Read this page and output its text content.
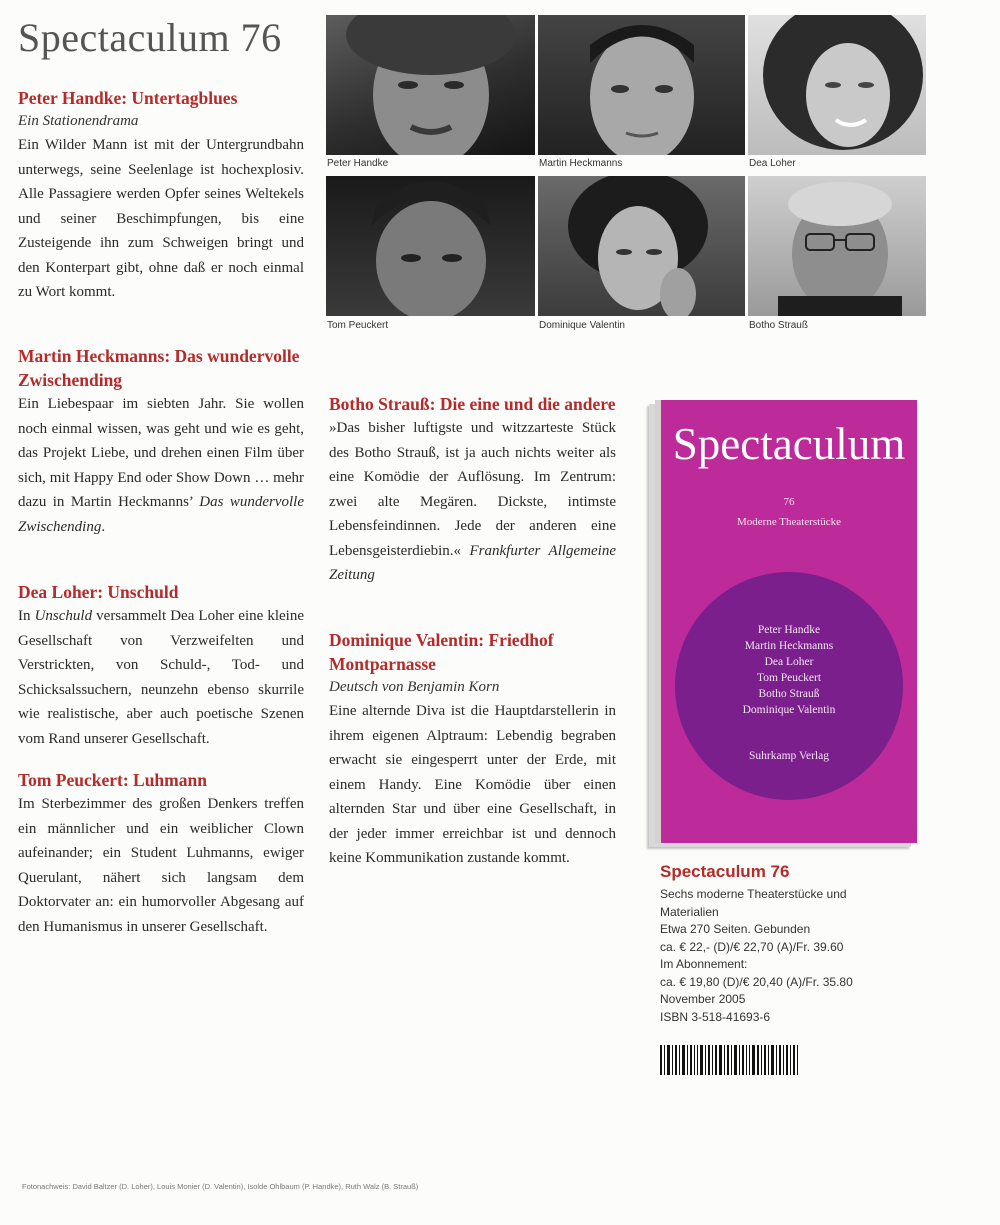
Spectaculum 76
Peter Handke: Untertagblues
Ein Stationendrama

Ein Wilder Mann ist mit der Untergrundbahn unterwegs, seine Seelenlage ist hochexplosiv. Alle Passagiere werden Opfer seines Weltekels und seiner Beschimpfungen, bis eine Zusteigende ihn zum Schweigen bringt und den Konterpart gibt, ohne daß er noch einmal zu Wort kommt.

Martin Heckmanns: Das wundervolle Zwischending

Ein Liebespaar im siebten Jahr. Sie wollen noch einmal wissen, was geht und wie es geht, das Projekt Liebe, und drehen einen Film über sich, mit Happy End oder Show Down … mehr dazu in Martin Heckmanns’ Das wundervolle Zwischending.

Dea Loher: Unschuld

In Unschuld versammelt Dea Loher eine kleine Gesellschaft von Verzweifelten und Verstrickten, von Schuld-, Tod- und Schicksalssuchern, neunzehn ebenso skurrile wie realistische, aber auch poetische Szenen vom Rand unserer Gesellschaft.

Tom Peuckert: Luhmann

Im Sterbezimmer des großen Denkers treffen ein männlicher und ein weiblicher Clown aufeinander; ein Student Luhmanns, ewiger Querulant, nähert sich langsam dem Doktorvater an: ein humorvoller Abgesang auf den Humanismus in unserer Gesellschaft.

Peter Handke	Martin Heckmanns	Dea Loher
Tom Peuckert	Dominique Valentin	Botho Strauß
Botho Strauß: Die eine und die andere

»Das bisher luftigste und witzzarteste Stück des Botho Strauß, ist ja auch nichts weiter als eine Komödie der Auflösung. Im Zentrum: zwei alte Megären. Dickste, intimste Lebensfeindinnen. Jede der anderen eine Lebensgeisterdiebin.« Frankfurter Allgemeine Zeitung

Dominique Valentin: Friedhof Montparnasse
Deutsch von Benjamin Korn

Eine alternde Diva ist die Hauptdarstellerin in ihrem eigenen Alptraum: Lebendig begraben erwacht sie eingesperrt unter der Erde, mit einem Handy. Eine Komödie über einen alternden Star und über eine Gesellschaft, in der jeder immer erreichbar ist und dennoch keine Kommunikation zustande kommt.

Spectaculum
76
Moderne Theaterstücke
Peter Handke
Martin Heckmanns
Dea Loher
Tom Peuckert
Botho Strauß
Dominique Valentin
Suhrkamp Verlag
Spectaculum 76
Sechs moderne Theaterstücke und
Materialien
Etwa 270 Seiten. Gebunden
ca. € 22,- (D)/€ 22,70 (A)/Fr. 39.60
Im Abonnement:
ca. € 19,80 (D)/€ 20,40 (A)/Fr. 35.80
November 2005
ISBN 3-518-41693-6
Fotonachweis: David Baltzer (D. Loher), Louis Monier (D. Valentin), Isolde Ohlbaum (P. Handke), Ruth Walz (B. Strauß)
